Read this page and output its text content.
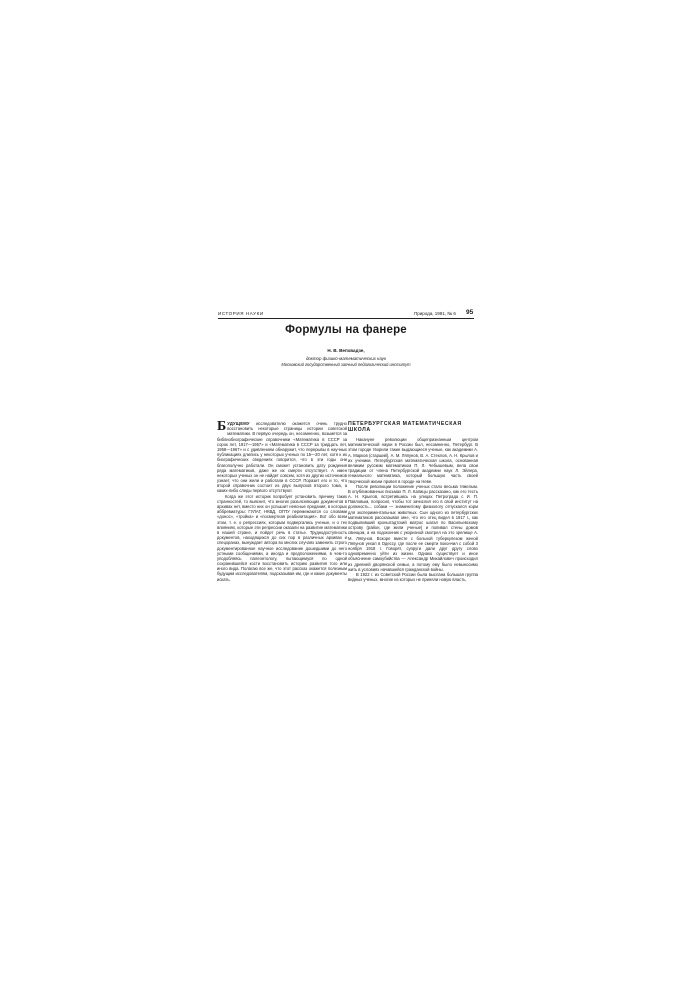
ИСТОРИЯ НАУКИ	Природа, 1991, № 6 95
Формулы на фанере
Н. В. Вепхвадзе,
доктор физико-математических наук
Московский государственный заочный педагогический институт

БУДУЩЕМУ исследователю окажется очень трудно восстановить некоторые страницы истории советской математики. В первую очередь он, несомненно, возьмется за библиобиографические справочники «Математика в СССР за сорок лет, 1917—1957» и «Математика в СССР за тридцать лет, 1958—1967» и с удивлением обнаружит, что перерывы в научных публикациях длились у некоторых ученых по 15—20 лет, хотя к их биографических сведениях говорится, что в эти годы они благополучно работали. Он сможет установить дату рождения ряда математиков, даже же их смерти отсутствует. А имен некоторых ученых он не найдет совсем, хотя из других источников узнает, что они жили и работали в СССР. Поразит его и то, что второй справочник состоит из двух выпусков второго тома, а каких-либо следы первого отсутствуют.

Когда же этот историк попробует установить причину таких странностей, то выяснит, что многих разъясняющих документов в архивах нет, вместо них он услышит неясные предания, в которых аббревиатуры: ГУЛАГ, НКВД, ОГПУ перемежаются со словами «донос», «тройка» и «посмертная реабилитация». Вот обо всем этом, т. е. о репрессиях, которым подвергались ученые, и о тех влияниях, которые эти репрессии оказали на развитие математики в нашей стране, и пойдет речь в статье. Труднодоступность документов, находящихся до сих пор в различных архивах и спецхранах, вынуждает автора во многих случаях заменить строго документированное научное исследование дошедшими до него устными сообщениями, а иногда и предположениями, в чем-то уподобляясь палеонтологу, пытающемуся по одной сохранившейся кости восстановить историю развития того или иного вида. Полагаю все же, что этот рассказ окажется полезным будущим исследователям, подсказывая им, где и какие документы искать.

ПЕТЕРБУРГСКАЯ МАТЕМАТИЧЕСКАЯ ШКОЛА

Накануне революции общепризнанным центром математической науки в России был, несомненно, Петербург. В этом городе творили такие выдающиеся ученые, как академики А. А. Марков (старший), А. М. Ляпунов, В. А. Стеклов, А. Н. Крылов и их ученики. Петербургская математическая школа, основанная великим русским математиком П. Л. Чебышевым, вела свои традиции от члена Петербургской академии наук Л. Эйлера, гениального математика, который большую часть своей творческой жизни провел в городе на Неве.

После революции положение ученых стало весьма тяжелым. В опубликованных письмах П. Л. Капицы рассказано, как его тесть А. Н. Крылов, встретившись на улицах Петрограда с И. П. Павловым, попросил, чтобы тот зачислил его в свой институт на должность... собаки — знаменитому физиологу отпускался корм для экспериментальных животных. Сын одного из петербургских математиков рассказывал мне, что его отец видел в 1917 г., как подвыпивший кронштадтский матрос шагал по Васильевскому острову (район, где жили ученые) и поливал стены домов свинцом, а на подоконник с укоризной смотрел на это зрелище А. М. Ляпунов. Вскоре вместе с больной туберкулезом женой Ляпунов уехал в Одессу, где после ее смерти покончил с собой 3 ноября 1918 г. Говорят, супруги дали друг другу слово одновременно уйти из жизни. Однако существует и иное объяснение самоубийства — Александр Михайлович происходил из древней дворянской семьи, а потому ему было невыносимо жить в условиях начавшейся гражданской войны.

В 1922 г. из Советской России была выслана большая группа видных ученых, многие из которых не приняли новую власть,
